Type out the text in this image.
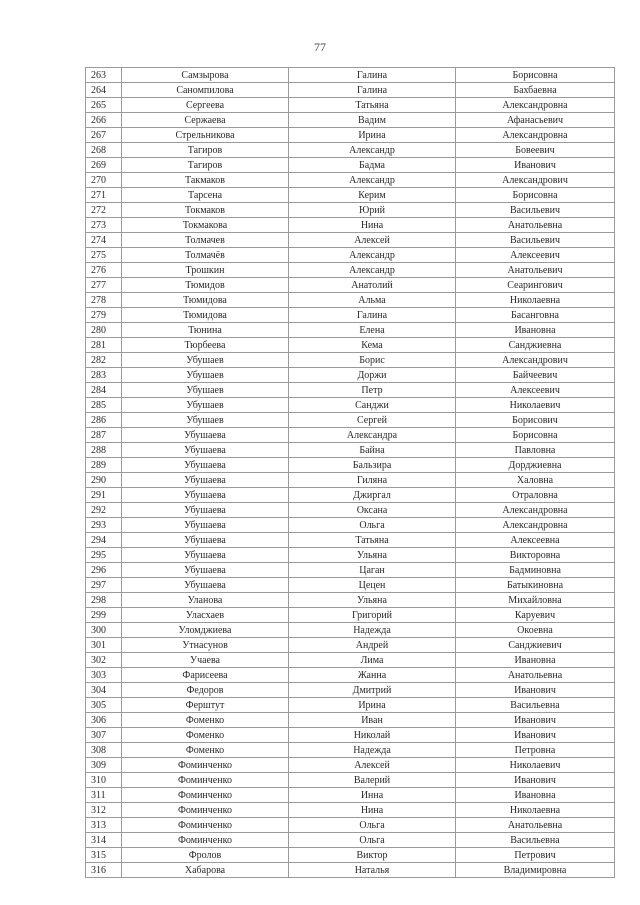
77
263	Самзырова	Галина	Борисовна
264	Саномпилова	Галина	Бахбаевна
265	Сергеева	Татьяна	Александровна
266	Сержаева	Вадим	Афанасьевич
267	Стрельникова	Ирина	Александровна
268	Тагиров	Александр	Бовеевич
269	Тагиров	Бадма	Иванович
270	Такмаков	Александр	Александрович
271	Тарсена	Керим	Борисовна
272	Токмаков	Юрий	Васильевич
273	Токмакова	Нина	Анатольевна
274	Толмачев	Алексей	Васильевич
275	Толмачёв	Александр	Алексеевич
276	Трошкин	Александр	Анатольевич
277	Тюмидов	Анатолий	Сеарингович
278	Тюмидова	Альма	Николаевна
279	Тюмидова	Галина	Басанговна
280	Тюнина	Елена	Ивановна
281	Тюрбеева	Кема	Санджиевна
282	Убушаев	Борис	Александрович
283	Убушаев	Доржи	Байчеевич
284	Убушаев	Петр	Алексеевич
285	Убушаев	Санджи	Николаевич
286	Убушаев	Сергей	Борисович
287	Убушаева	Александра	Борисовна
288	Убушаева	Байна	Павловна
289	Убушаева	Бальзира	Дорджиевна
290	Убушаева	Гиляна	Халовна
291	Убушаева	Джиргал	Отраловна
292	Убушаева	Оксана	Александровна
293	Убушаева	Ольга	Александровна
294	Убушаева	Татьяна	Алексеевна
295	Убушаева	Ульяна	Викторовна
296	Убушаева	Цаган	Бадминовна
297	Убушаева	Цецен	Батыкиновна
298	Уланова	Ульяна	Михайловна
299	Уласхаев	Григорий	Каруевич
300	Уломджиева	Надежда	Окоевна
301	Утнасунов	Андрей	Санджиевич
302	Учаева	Лима	Ивановна
303	Фарисеева	Жанна	Анатольевна
304	Федоров	Дмитрий	Иванович
305	Ферштут	Ирина	Васильевна
306	Фоменко	Иван	Иванович
307	Фоменко	Николай	Иванович
308	Фоменко	Надежда	Петровна
309	Фоминченко	Алексей	Николаевич
310	Фоминченко	Валерий	Иванович
311	Фоминченко	Инна	Ивановна
312	Фоминченко	Нина	Николаевна
313	Фоминченко	Ольга	Анатольевна
314	Фоминченко	Ольга	Васильевна
315	Фролов	Виктор	Петрович
316	Хабарова	Наталья	Владимировна
